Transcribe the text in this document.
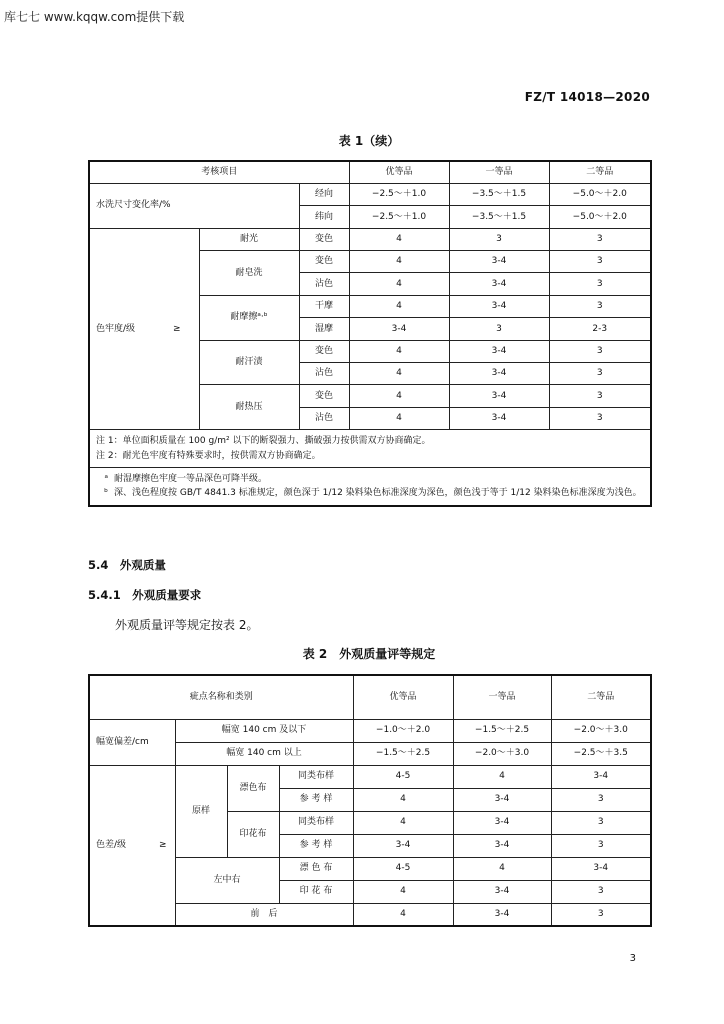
库七七 www.kqqw.com提供下载
FZ/T 14018—2020
表 1（续）
考核项目			优等品	一等品	二等品
水洗尺寸变化率/%		经向	−2.5～＋1.0	−3.5～＋1.5	−5.0～＋2.0
		纬向	−2.5～＋1.0	−3.5～＋1.5	−5.0～＋2.0
色牢度/级 ≥	耐光	变色	4	3	3
	耐皂洗	变色	4	3-4	3
		沾色	4	3-4	3
	耐摩擦ᵃ·ᵇ	干摩	4	3-4	3
		湿摩	3-4	3	2-3
	耐汗渍	变色	4	3-4	3
		沾色	4	3-4	3
	耐热压	变色	4	3-4	3
		沾色	4	3-4	3

注 1：单位面积质量在 100 g/m² 以下的断裂强力、撕破强力按供需双方协商确定。
注 2：耐光色牢度有特殊要求时，按供需双方协商确定。					

ᵃ 耐湿摩擦色牢度一等品深色可降半级。
ᵇ 深、浅色程度按 GB/T 4841.3 标准规定，颜色深于 1/12 染料染色标准深度为深色，颜色浅于等于 1/12 染料染色标准深度为浅色。					
5.4　外观质量
5.4.1　外观质量要求
外观质量评等规定按表 2。
表 2　外观质量评等规定
疵点名称和类别				优等品	一等品	二等品
幅宽偏差/cm	幅宽 140 cm 及以下			−1.0～＋2.0	−1.5～＋2.5	−2.0～＋3.0
	幅宽 140 cm 以上			−1.5～＋2.5	−2.0～＋3.0	−2.5～＋3.5
色差/级 ≥	原样	漂色布	同类布样	4-5	4	3-4
			参 考 样	4	3-4	3
		印花布	同类布样	4	3-4	3
			参 考 样	3-4	3-4	3
	左中右		漂 色 布	4-5	4	3-4
			印 花 布	4	3-4	3
	前　后			4	3-4	3
3
